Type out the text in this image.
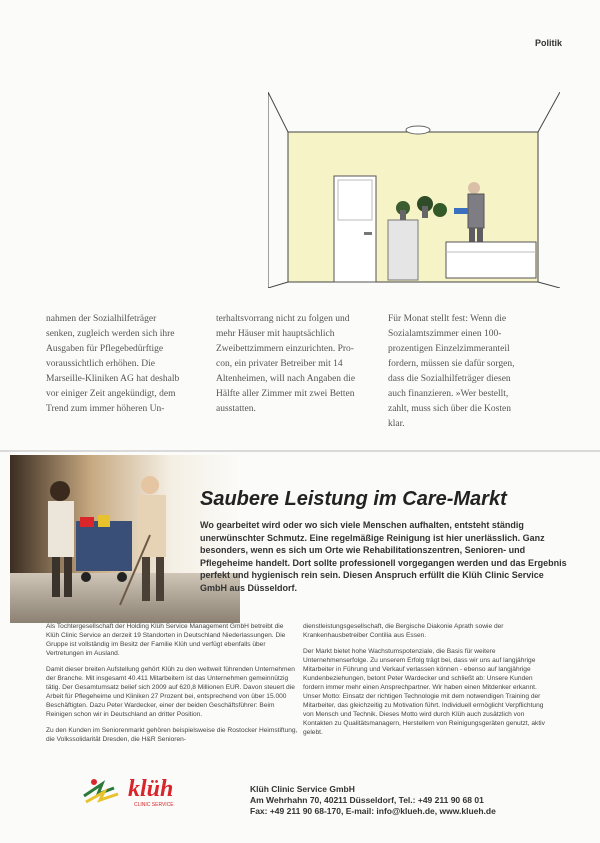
Politik

nahmen der Sozialhilfeträger senken, zugleich werden sich ihre Ausgaben für Pflegebedürftige voraussichtlich erhöhen. Die Marseille-Kliniken AG hat deshalb vor einiger Zeit angekündigt, dem Trend zum immer höheren Un-

terhaltsvorrang nicht zu folgen und mehr Häuser mit hauptsächlich Zweibettzimmern einzurichten. Pro-con, ein privater Betreiber mit 14 Altenheimen, will nach Angaben die Hälfte aller Zimmer mit zwei Betten ausstatten.

Für Monat stellt fest: Wenn die Sozialamtszimmer einen 100-prozentigen Einzelzimmeranteil fordern, müssen sie dafür sorgen, dass die Sozialhilfeträger diesen auch finanzieren. »Wer bestellt, zahlt, muss sich über die Kosten klar.

Saubere Leistung im Care-Markt
Wo gearbeitet wird oder wo sich viele Menschen aufhalten, entsteht ständig unerwünschter Schmutz. Eine regelmäßige Reinigung ist hier unerlässlich. Ganz besonders, wenn es sich um Orte wie Rehabilitationszentren, Senioren- und Pflegeheime handelt. Dort sollte professionell vorgegangen werden und das Ergebnis perfekt und hygienisch rein sein. Diesen Anspruch erfüllt die Klüh Clinic Service GmbH aus Düsseldorf.

Als Tochtergesellschaft der Holding Klüh Service Management GmbH betreibt die Klüh Clinic Service an derzeit 19 Standorten in Deutschland Niederlassungen. Die Gruppe ist vollständig im Besitz der Familie Klüh und verfügt ebenfalls über Vertretungen im Ausland.

Damit dieser breiten Aufstellung gehört Klüh zu den weltweit führenden Unternehmen der Branche. Mit insgesamt 40.411 Mitarbeitern ist das Unternehmen gemeinnützig tätig. Der Gesamtumsatz belief sich 2009 auf 620,8 Millionen EUR. Davon steuert die Arbeit für Pflegeheime und Kliniken 27 Prozent bei, entsprechend von über 15.000 Beschäftigten. Dazu Peter Wardecker, einer der beiden Geschäftsführer: Beim Reinigen schon wir in Deutschland an dritter Position.

Zu den Kunden im Seniorenmarkt gehören beispielsweise die Rostocker Heimstiftung, die Volkssolidarität Dresden, die H&R Senioren-

dienstleistungsgesellschaft, die Bergische Diakonie Aprath sowie der Krankenhausbetreiber Contilia aus Essen.

Der Markt bietet hohe Wachstumspotenziale, die Basis für weitere Unternehmenserfolge. Zu unserem Erfolg trägt bei, dass wir uns auf langjährige Mitarbeiter in Führung und Verkauf verlassen können - ebenso auf langjährige Kundenbeziehungen, betont Peter Wardecker und schließt ab: Unsere Kunden fordern immer mehr einen Ansprechpartner. Wir haben einen Mitdenker erkannt. Unser Motto: Einsatz der richtigen Technologie mit dem notwendigen Training der Mitarbeiter, das gleichzeitig zu Motivation führt. Individuell ermöglicht Verpflichtung von Mensch und Technik. Dieses Motto wird durch Klüh auch zusätzlich von Kontakten zu Qualitätsmanagern, Herstellern von Reinigungsgeräten genutzt, aktiv gelebt.

klüh
CLINIC SERVICE
Klüh Clinic Service GmbH
Am Wehrhahn 70, 40211 Düsseldorf, Tel.: +49 211 90 68 01
Fax: +49 211 90 68-170, E-mail: info@klueh.de, www.klueh.de
